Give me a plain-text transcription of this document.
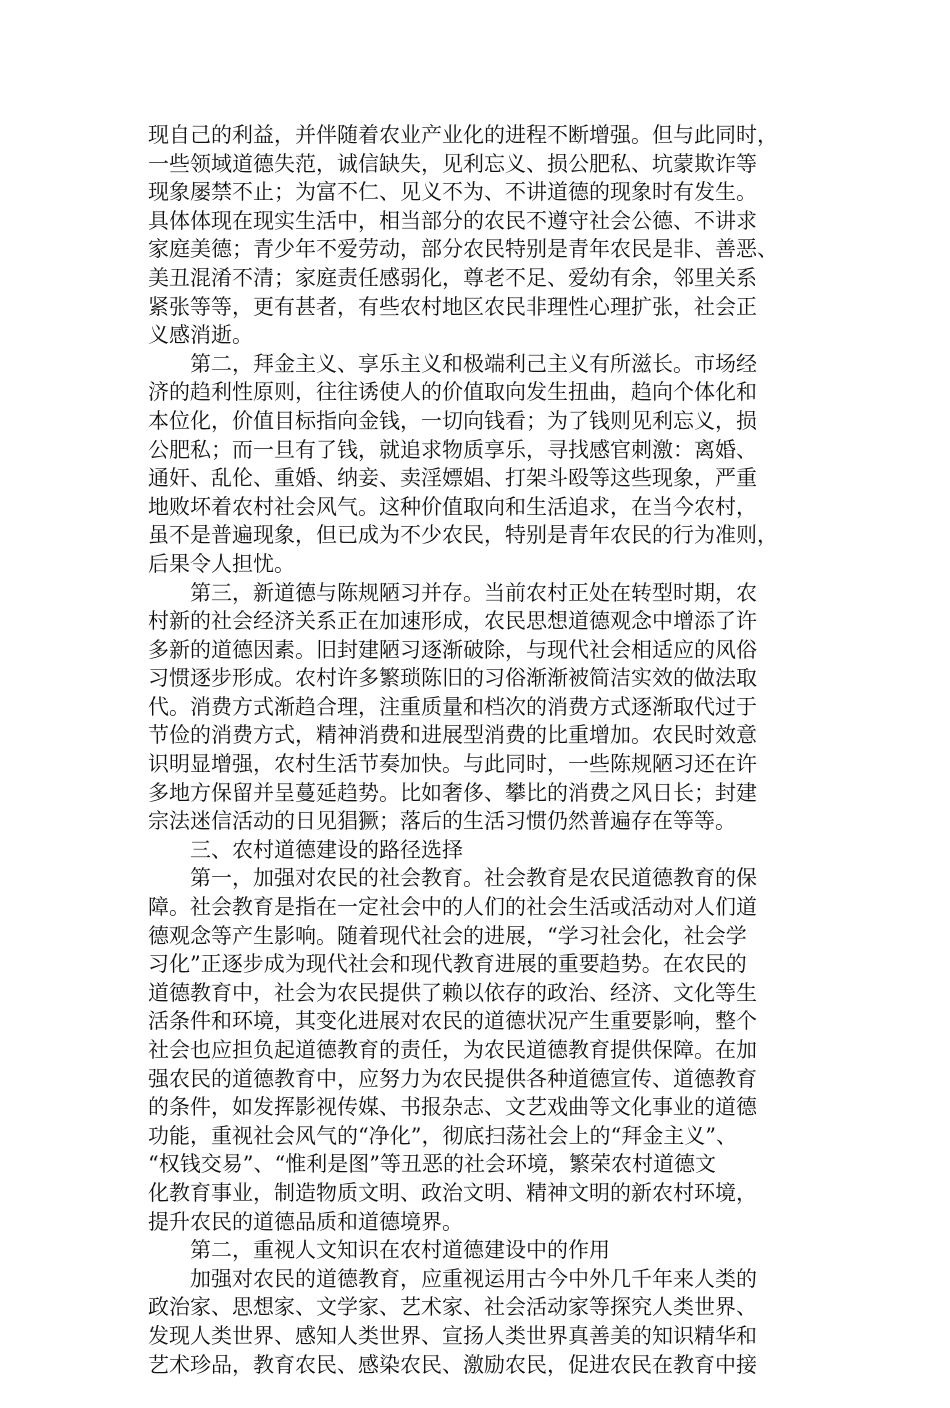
现自己的利益，并伴随着农业产业化的进程不断增强。但与此同时，
一些领域道德失范，诚信缺失，见利忘义、损公肥私、坑蒙欺诈等
现象屡禁不止；为富不仁、见义不为、不讲道德的现象时有发生。
具体体现在现实生活中，相当部分的农民不遵守社会公德、不讲求
家庭美德；青少年不爱劳动，部分农民特别是青年农民是非、善恶、
美丑混淆不清；家庭责任感弱化，尊老不足、爱幼有余，邻里关系
紧张等等，更有甚者，有些农村地区农民非理性心理扩张，社会正
义感消逝。
　　第二，拜金主义、享乐主义和极端利己主义有所滋长。市场经
济的趋利性原则，往往诱使人的价值取向发生扭曲，趋向个体化和
本位化，价值目标指向金钱，一切向钱看；为了钱则见利忘义，损
公肥私；而一旦有了钱，就追求物质享乐，寻找感官刺激：离婚、
通奸、乱伦、重婚、纳妾、卖淫嫖娼、打架斗殴等这些现象，严重
地败坏着农村社会风气。这种价值取向和生活追求，在当今农村，
虽不是普遍现象，但已成为不少农民，特别是青年农民的行为准则，
后果令人担忧。
　　第三，新道德与陈规陋习并存。当前农村正处在转型时期，农
村新的社会经济关系正在加速形成，农民思想道德观念中增添了许
多新的道德因素。旧封建陋习逐渐破除，与现代社会相适应的风俗
习惯逐步形成。农村许多繁琐陈旧的习俗渐渐被简洁实效的做法取
代。消费方式渐趋合理，注重质量和档次的消费方式逐渐取代过于
节俭的消费方式，精神消费和进展型消费的比重增加。农民时效意
识明显增强，农村生活节奏加快。与此同时，一些陈规陋习还在许
多地方保留并呈蔓延趋势。比如奢侈、攀比的消费之风日长；封建
宗法迷信活动的日见猖獗；落后的生活习惯仍然普遍存在等等。
　　三、农村道德建设的路径选择
　　第一，加强对农民的社会教育。社会教育是农民道德教育的保
障。社会教育是指在一定社会中的人们的社会生活或活动对人们道
德观念等产生影响。随着现代社会的进展，“学习社会化，社会学
习化”正逐步成为现代社会和现代教育进展的重要趋势。在农民的
道德教育中，社会为农民提供了赖以依存的政治、经济、文化等生
活条件和环境，其变化进展对农民的道德状况产生重要影响，整个
社会也应担负起道德教育的责任，为农民道德教育提供保障。在加
强农民的道德教育中，应努力为农民提供各种道德宣传、道德教育
的条件，如发挥影视传媒、书报杂志、文艺戏曲等文化事业的道德
功能，重视社会风气的“净化”，彻底扫荡社会上的“拜金主义”、
“权钱交易”、“惟利是图”等丑恶的社会环境，繁荣农村道德文
化教育事业，制造物质文明、政治文明、精神文明的新农村环境，
提升农民的道德品质和道德境界。
　　第二，重视人文知识在农村道德建设中的作用
　　加强对农民的道德教育，应重视运用古今中外几千年来人类的
政治家、思想家、文学家、艺术家、社会活动家等探究人类世界、
发现人类世界、感知人类世界、宣扬人类世界真善美的知识精华和
艺术珍品，教育农民、感染农民、激励农民，促进农民在教育中接
